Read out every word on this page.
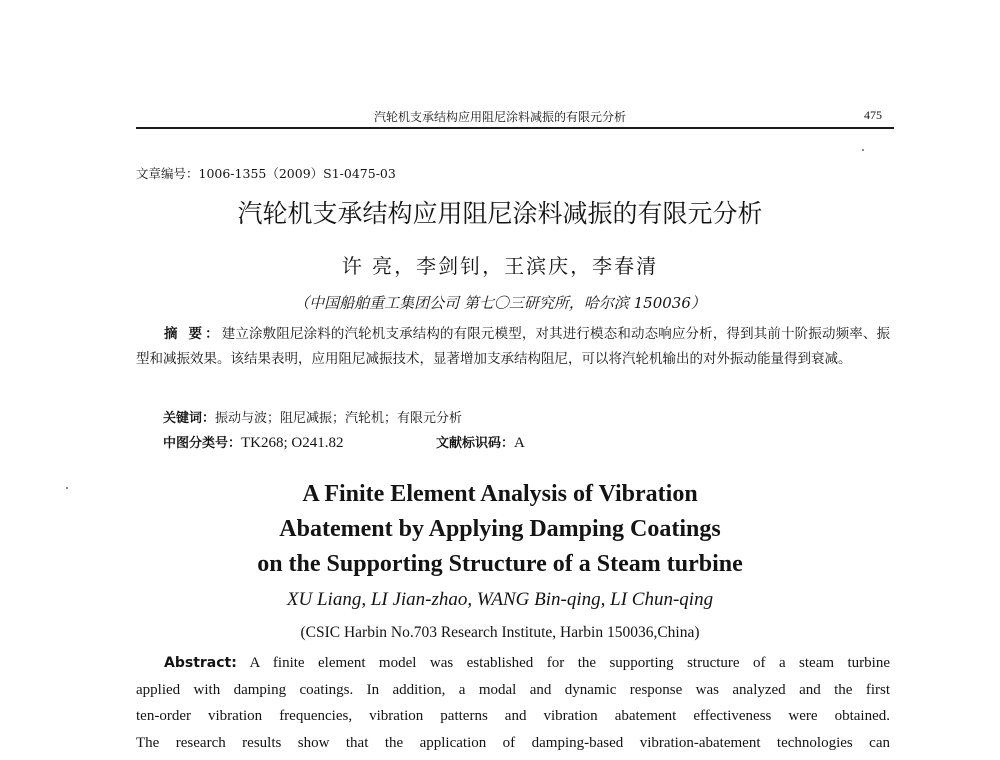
汽轮机支承结构应用阻尼涂料减振的有限元分析	475
文章编号：1006-1355（2009）S1-0475-03
汽轮机支承结构应用阻尼涂料减振的有限元分析
许 亮，李剑钊，王滨庆，李春清
（中国船舶重工集团公司 第七〇三研究所，哈尔滨 150036）
摘 要：建立涂敷阻尼涂料的汽轮机支承结构的有限元模型，对其进行模态和动态响应分析，得到其前十阶振动频率、振型和减振效果。该结果表明，应用阻尼减振技术，显著增加支承结构阻尼，可以将汽轮机输出的对外振动能量得到衰减。
关键词：振动与波；阻尼减振；汽轮机；有限元分析
中图分类号：TK268; O241.82	文献标识码：A
A Finite Element Analysis of Vibration
Abatement by Applying Damping Coatings
on the Supporting Structure of a Steam turbine
XU Liang, LI Jian-zhao, WANG Bin-qing, LI Chun-qing
(CSIC Harbin No.703 Research Institute, Harbin 150036,China)
Abstract: A finite element model was established for the supporting structure of a steam turbine
applied with damping coatings. In addition, a modal and dynamic response was analyzed and the first
ten-order vibration frequencies, vibration patterns and vibration abatement effectiveness were obtained.
The research results show that the application of damping-based vibration-abatement technologies can
